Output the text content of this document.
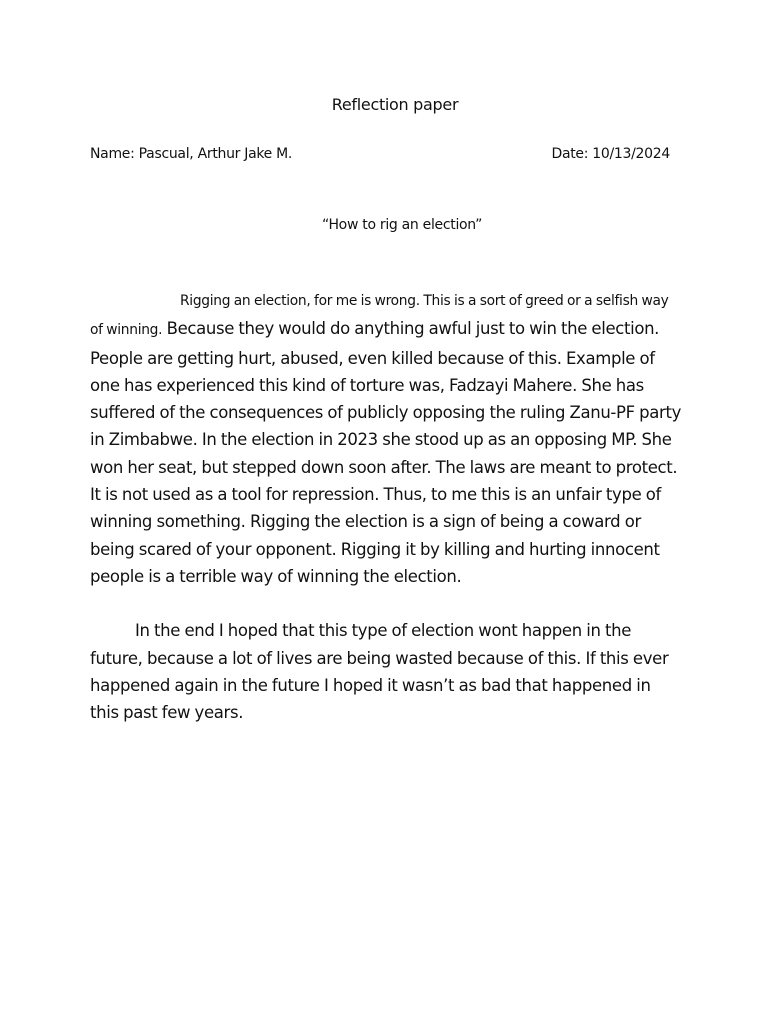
Reflection paper
Name: Pascual, Arthur Jake M.	Date: 10/13/2024
“How to rig an election”

Rigging an election, for me is wrong. This is a sort of greed or a selfish way of winning. Because they would do anything awful just to win the election. People are getting hurt, abused, even killed because of this. Example of one has experienced this kind of torture was, Fadzayi Mahere. She has suffered of the consequences of publicly opposing the ruling Zanu-PF party in Zimbabwe. In the election in 2023 she stood up as an opposing MP. She won her seat, but stepped down soon after. The laws are meant to protect. It is not used as a tool for repression. Thus, to me this is an unfair type of winning something. Rigging the election is a sign of being a coward or being scared of your opponent. Rigging it by killing and hurting innocent people is a terrible way of winning the election.

In the end I hoped that this type of election wont happen in the future, because a lot of lives are being wasted because of this. If this ever happened again in the future I hoped it wasn’t as bad that happened in this past few years.
